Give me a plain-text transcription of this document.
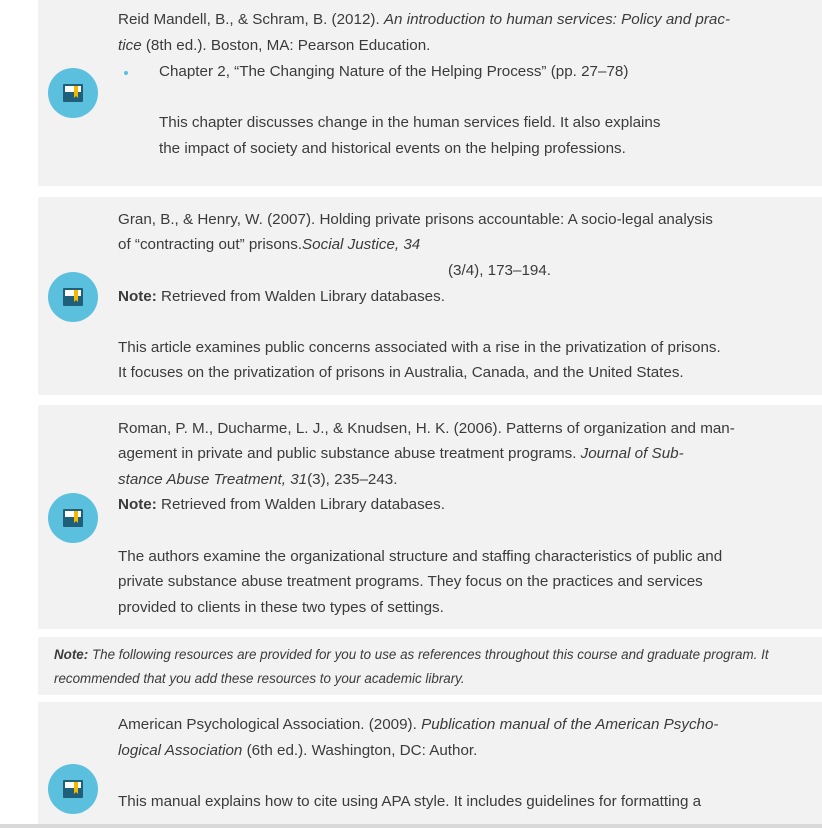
Reid Mandell, B., & Schram, B. (2012). An introduction to human services: Policy and prac-
tice (8th ed.). Boston, MA: Pearson Education.
Chapter 2, “The Changing Nature of the Helping Process” (pp. 27–78)
This chapter discusses change in the human services field. It also explains
the impact of society and historical events on the helping professions.
Gran, B., & Henry, W. (2007). Holding private prisons accountable: A socio-legal analysis
of “contracting out” prisons.Social Justice, 34
(3/4), 173–194.
Note: Retrieved from Walden Library databases.
This article examines public concerns associated with a rise in the privatization of prisons.
It focuses on the privatization of prisons in Australia, Canada, and the United States.
Roman, P. M., Ducharme, L. J., & Knudsen, H. K. (2006). Patterns of organization and man-
agement in private and public substance abuse treatment programs. Journal of Sub-
stance Abuse Treatment, 31(3), 235–243.
Note: Retrieved from Walden Library databases.
The authors examine the organizational structure and staffing characteristics of public and
private substance abuse treatment programs. They focus on the practices and services
provided to clients in these two types of settings.
Note: The following resources are provided for you to use as references throughout this course and graduate program. It
recommended that you add these resources to your academic library.
American Psychological Association. (2009). Publication manual of the American Psycho-
logical Association (6th ed.). Washington, DC: Author.
This manual explains how to cite using APA style. It includes guidelines for formatting a
